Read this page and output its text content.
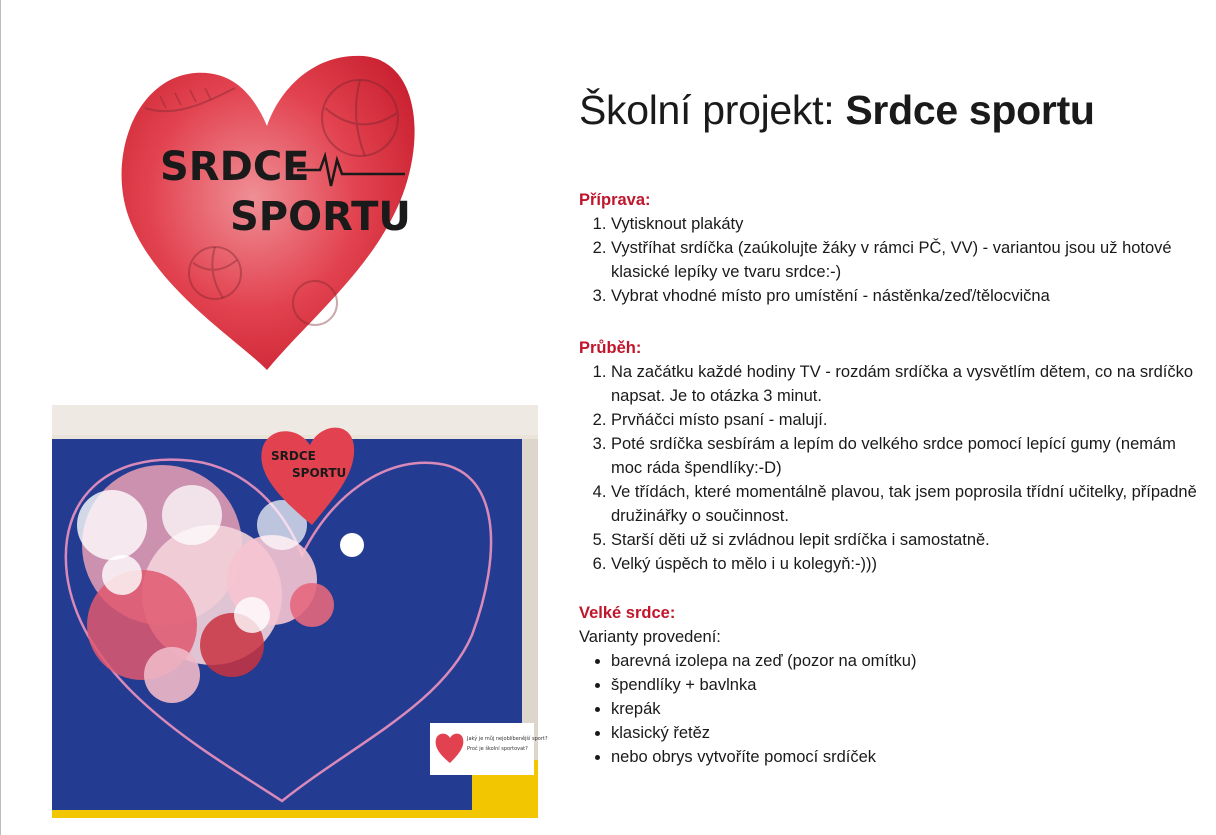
SRDCE
SPORTU
SRDCE
SPORTU
Jaký je můj nejoblíbenější sport?
Proč je školní sportovat?
Školní projekt: Srdce sportu

Příprava:

1. Vytisknout plakáty
2. Vystříhat srdíčka (zaúkolujte žáky v rámci PČ, VV) - variantou jsou už hotové klasické lepíky ve tvaru srdce:-)
3. Vybrat vhodné místo pro umístění - nástěnka/zeď/tělocvična

Průběh:

1. Na začátku každé hodiny TV - rozdám srdíčka a vysvětlím dětem, co na srdíčko napsat. Je to otázka 3 minut.
2. Prvňáčci místo psaní - malují.
3. Poté srdíčka sesbírám a lepím do velkého srdce pomocí lepící gumy (nemám moc ráda špendlíky:-D)
4. Ve třídách, které momentálně plavou, tak jsem poprosila třídní učitelky, případně družinářky o součinnost.
5. Starší děti už si zvládnou lepit srdíčka i samostatně.
6. Velký úspěch to mělo i u kolegyň:-)))

Velké srdce:

Varianty provedení:

• barevná izolepa na zeď (pozor na omítku)
• špendlíky + bavlnka
• krepák
• klasický řetěz
• nebo obrys vytvoříte pomocí srdíček
